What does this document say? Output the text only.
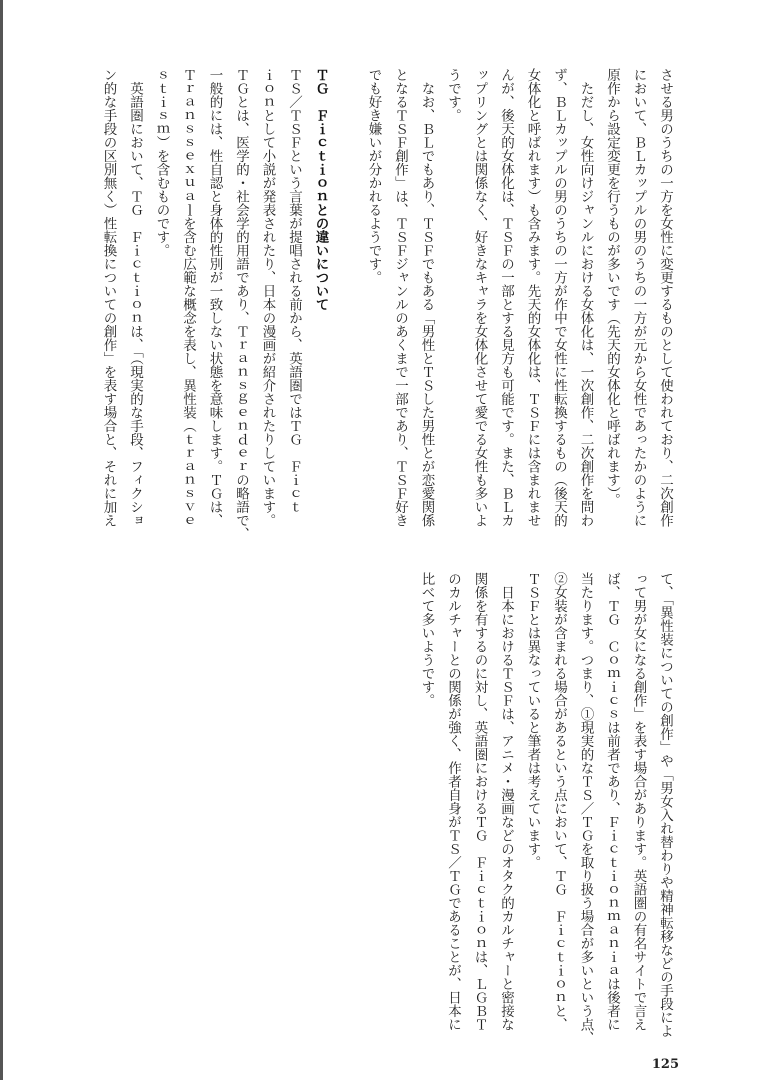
させる男のうちの一方を女性に変更するものとして使われており、二次創作
において、ＢＬカップルの男のうちの一方が元から女性であったかのように
原作から設定変更を行うものが多いです（先天的女体化と呼ばれます）。
　ただし、女性向けジャンルにおける女体化は、一次創作、二次創作を問わ
ず、ＢＬカップルの男のうちの一方が作中で女性に性転換するもの（後天的
女体化と呼ばれます）も含みます。先天的女体化は、ＴＳＦには含まれませ
んが、後天的女体化は、ＴＳＦの一部とする見方も可能です。また、ＢＬカ
ップリングとは関係なく、好きなキャラを女体化させて愛でる女性も多いよ
うです。
　なお、ＢＬでもあり、ＴＳＦでもある「男性とＴＳした男性とが恋愛関係
となるＴＳＦ創作」は、ＴＳＦジャンルのあくまで一部であり、ＴＳＦ好き
でも好き嫌いが分かれるようです。
ＴＧ　Ｆｉｃｔｉｏｎとの違いについて
ＴＳ／ＴＳＦという言葉が提唱される前から、英語圏ではＴＧ　Ｆｉｃｔ
ｉｏｎとして小説が発表されたり、日本の漫画が紹介されたりしています。
ＴＧとは、医学的・社会学的用語であり、Ｔｒａｎｓｇｅｎｄｅｒの略語で、
一般的には、性自認と身体的性別が一致しない状態を意味します。ＴＧは、
Ｔｒａｎｓｓｅｘｕａｌを含む広範な概念を表し、異性装（ｔｒａｎｓｖｅ
ｓｔｉｓｍ）を含むものです。
　英語圏において、ＴＧ　Ｆｉｃｔｉｏｎは、「（現実的な手段、フィクショ
ン的な手段の区別無く）性転換についての創作」を表す場合と、それに加え
て、「異性装についての創作」や「男女入れ替わりや精神転移などの手段によ
って男が女になる創作」を表す場合があります。英語圏の有名サイトで言え
ば、ＴＧ　Ｃｏｍｉｃｓは前者であり、Ｆｉｃｔｉｏｎｍａｎｉａは後者に
当たります。つまり、①現実的なＴＳ／ＴＧを取り扱う場合が多いという点、
②女装が含まれる場合があるという点において、ＴＧ　Ｆｉｃｔｉｏｎと、
ＴＳＦとは異なっていると筆者は考えています。
　日本におけるＴＳＦは、アニメ・漫画などのオタク的カルチャーと密接な
関係を有するのに対し、英語圏におけるＴＧ　Ｆｉｃｔｉｏｎは、ＬＧＢＴ
のカルチャーとの関係が強く、作者自身がＴＳ／ＴＧであることが、日本に
比べて多いようです。
125
